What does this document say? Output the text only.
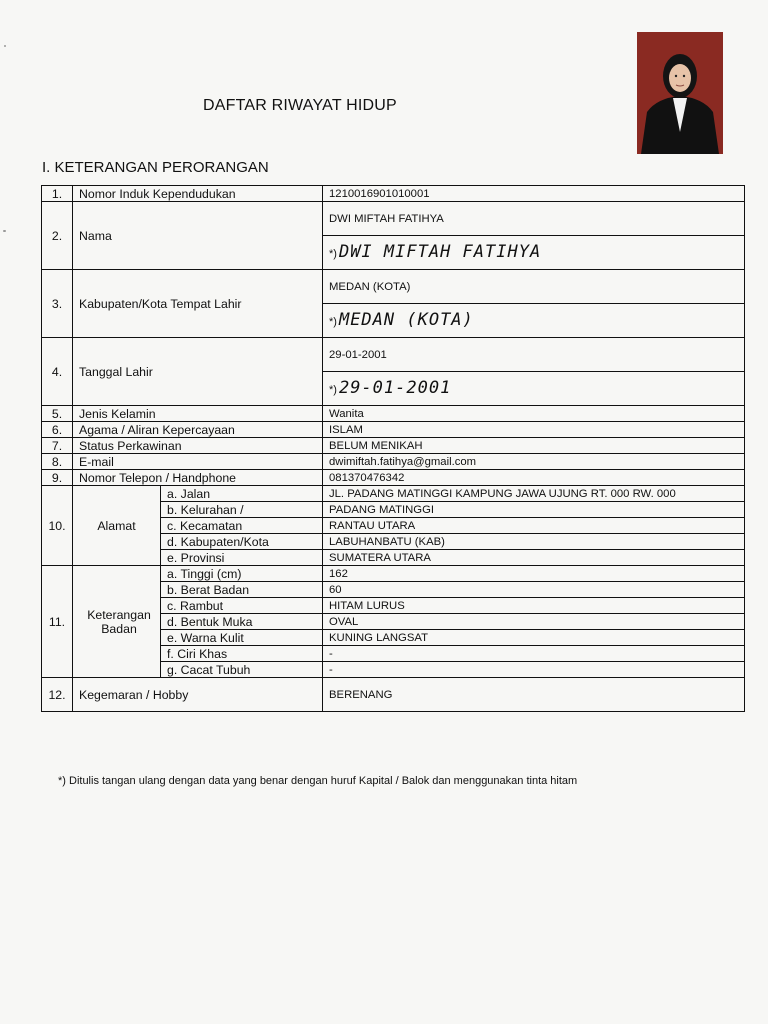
DAFTAR RIWAYAT HIDUP
I. KETERANGAN PERORANGAN
1.	Nomor Induk Kependudukan		1210016901010001
2.	Nama		DWI MIFTAH FATIHYA
			*) DWI MIFTAH FATIHYA
3.	Kabupaten/Kota Tempat Lahir		MEDAN (KOTA)
			*) MEDAN (KOTA)
4.	Tanggal Lahir		29-01-2001
			*) 29-01-2001
5.	Jenis Kelamin		Wanita
6.	Agama / Aliran Kepercayaan		ISLAM
7.	Status Perkawinan		BELUM MENIKAH
8.	E-mail		dwimiftah.fatihya@gmail.com
9.	Nomor Telepon / Handphone		081370476342
10.	Alamat	a. Jalan	JL. PADANG MATINGGI KAMPUNG JAWA UJUNG RT. 000 RW. 000
		b. Kelurahan /	PADANG MATINGGI
		c. Kecamatan	RANTAU UTARA
		d. Kabupaten/Kota	LABUHANBATU (KAB)
		e. Provinsi	SUMATERA UTARA
11.	Keterangan Badan	a. Tinggi (cm)	162
		b. Berat Badan	60
		c. Rambut	HITAM LURUS
		d. Bentuk Muka	OVAL
		e. Warna Kulit	KUNING LANGSAT
		f. Ciri Khas	-
		g. Cacat Tubuh	-
12.	Kegemaran / Hobby		BERENANG
*) Ditulis tangan ulang dengan data yang benar dengan huruf Kapital / Balok dan menggunakan tinta hitam
